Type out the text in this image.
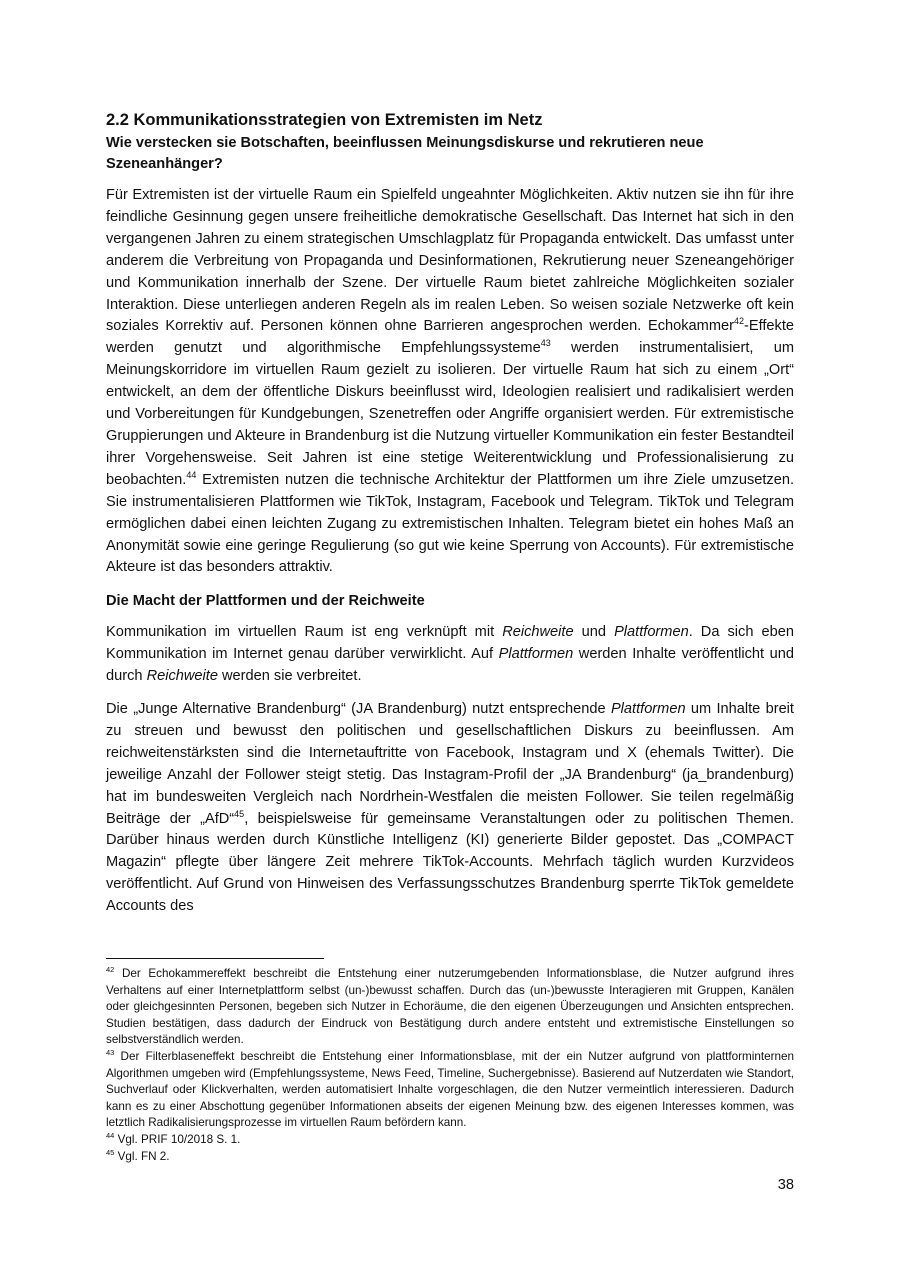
2.2 Kommunikationsstrategien von Extremisten im Netz

Wie verstecken sie Botschaften, beeinflussen Meinungsdiskurse und rekrutieren neue Szeneanhänger?

Für Extremisten ist der virtuelle Raum ein Spielfeld ungeahnter Möglichkeiten. Aktiv nutzen sie ihn für ihre feindliche Gesinnung gegen unsere freiheitliche demokratische Gesellschaft. Das Internet hat sich in den vergangenen Jahren zu einem strategischen Umschlagplatz für Propaganda entwickelt. Das umfasst unter anderem die Verbreitung von Propaganda und Desinformationen, Rekrutierung neuer Szeneangehöriger und Kommunikation innerhalb der Szene. Der virtuelle Raum bietet zahlreiche Möglichkeiten sozialer Interaktion. Diese unterliegen anderen Regeln als im realen Leben. So weisen soziale Netzwerke oft kein soziales Korrektiv auf. Personen können ohne Barrieren angesprochen werden. Echokammer$^{42}$-Effekte werden genutzt und algorithmische Empfehlungssysteme$^{43}$ werden instrumentalisiert, um Meinungskorridore im virtuellen Raum gezielt zu isolieren. Der virtuelle Raum hat sich zu einem „Ort“ entwickelt, an dem der öffentliche Diskurs beeinflusst wird, Ideologien realisiert und radikalisiert werden und Vorbereitungen für Kundgebungen, Szenetreffen oder Angriffe organisiert werden. Für extremistische Gruppierungen und Akteure in Brandenburg ist die Nutzung virtueller Kommunikation ein fester Bestandteil ihrer Vorgehensweise. Seit Jahren ist eine stetige Weiterentwicklung und Professionalisierung zu beobachten.$^{44}$ Extremisten nutzen die technische Architektur der Plattformen um ihre Ziele umzusetzen. Sie instrumentalisieren Plattformen wie TikTok, Instagram, Facebook und Telegram. TikTok und Telegram ermöglichen dabei einen leichten Zugang zu extremistischen Inhalten. Telegram bietet ein hohes Maß an Anonymität sowie eine geringe Regulierung (so gut wie keine Sperrung von Accounts). Für extremistische Akteure ist das besonders attraktiv.

Die Macht der Plattformen und der Reichweite

Kommunikation im virtuellen Raum ist eng verknüpft mit Reichweite und Plattformen. Da sich eben Kommunikation im Internet genau darüber verwirklicht. Auf Plattformen werden Inhalte veröffentlicht und durch Reichweite werden sie verbreitet.

Die „Junge Alternative Brandenburg“ (JA Brandenburg) nutzt entsprechende Plattformen um Inhalte breit zu streuen und bewusst den politischen und gesellschaftlichen Diskurs zu beeinflussen. Am reichweitenstärksten sind die Internetauftritte von Facebook, Instagram und X (ehemals Twitter). Die jeweilige Anzahl der Follower steigt stetig. Das Instagram-Profil der „JA Brandenburg“ (ja_brandenburg) hat im bundesweiten Vergleich nach Nordrhein-Westfalen die meisten Follower. Sie teilen regelmäßig Beiträge der „AfD“$^{45}$, beispielsweise für gemeinsame Veranstaltungen oder zu politischen Themen. Darüber hinaus werden durch Künstliche Intelligenz (KI) generierte Bilder gepostet. Das „COMPACT Magazin“ pflegte über längere Zeit mehrere TikTok-Accounts. Mehrfach täglich wurden Kurzvideos veröffentlicht. Auf Grund von Hinweisen des Verfassungsschutzes Brandenburg sperrte TikTok gemeldete Accounts des

$^{42}$ Der Echokammereffekt beschreibt die Entstehung einer nutzerumgebenden Informationsblase, die Nutzer aufgrund ihres Verhaltens auf einer Internetplattform selbst (un-)bewusst schaffen. Durch das (un-)bewusste Interagieren mit Gruppen, Kanälen oder gleichgesinnten Personen, begeben sich Nutzer in Echoräume, die den eigenen Überzeugungen und Ansichten entsprechen. Studien bestätigen, dass dadurch der Eindruck von Bestätigung durch andere entsteht und extremistische Einstellungen so selbstverständlich werden.

$^{43}$ Der Filterblaseneffekt beschreibt die Entstehung einer Informationsblase, mit der ein Nutzer aufgrund von plattforminternen Algorithmen umgeben wird (Empfehlungssysteme, News Feed, Timeline, Suchergebnisse). Basierend auf Nutzerdaten wie Standort, Suchverlauf oder Klickverhalten, werden automatisiert Inhalte vorgeschlagen, die den Nutzer vermeintlich interessieren. Dadurch kann es zu einer Abschottung gegenüber Informationen abseits der eigenen Meinung bzw. des eigenen Interesses kommen, was letztlich Radikalisierungsprozesse im virtuellen Raum befördern kann.

$^{44}$ Vgl. PRIF 10/2018 S. 1.

$^{45}$ Vgl. FN 2.

38
